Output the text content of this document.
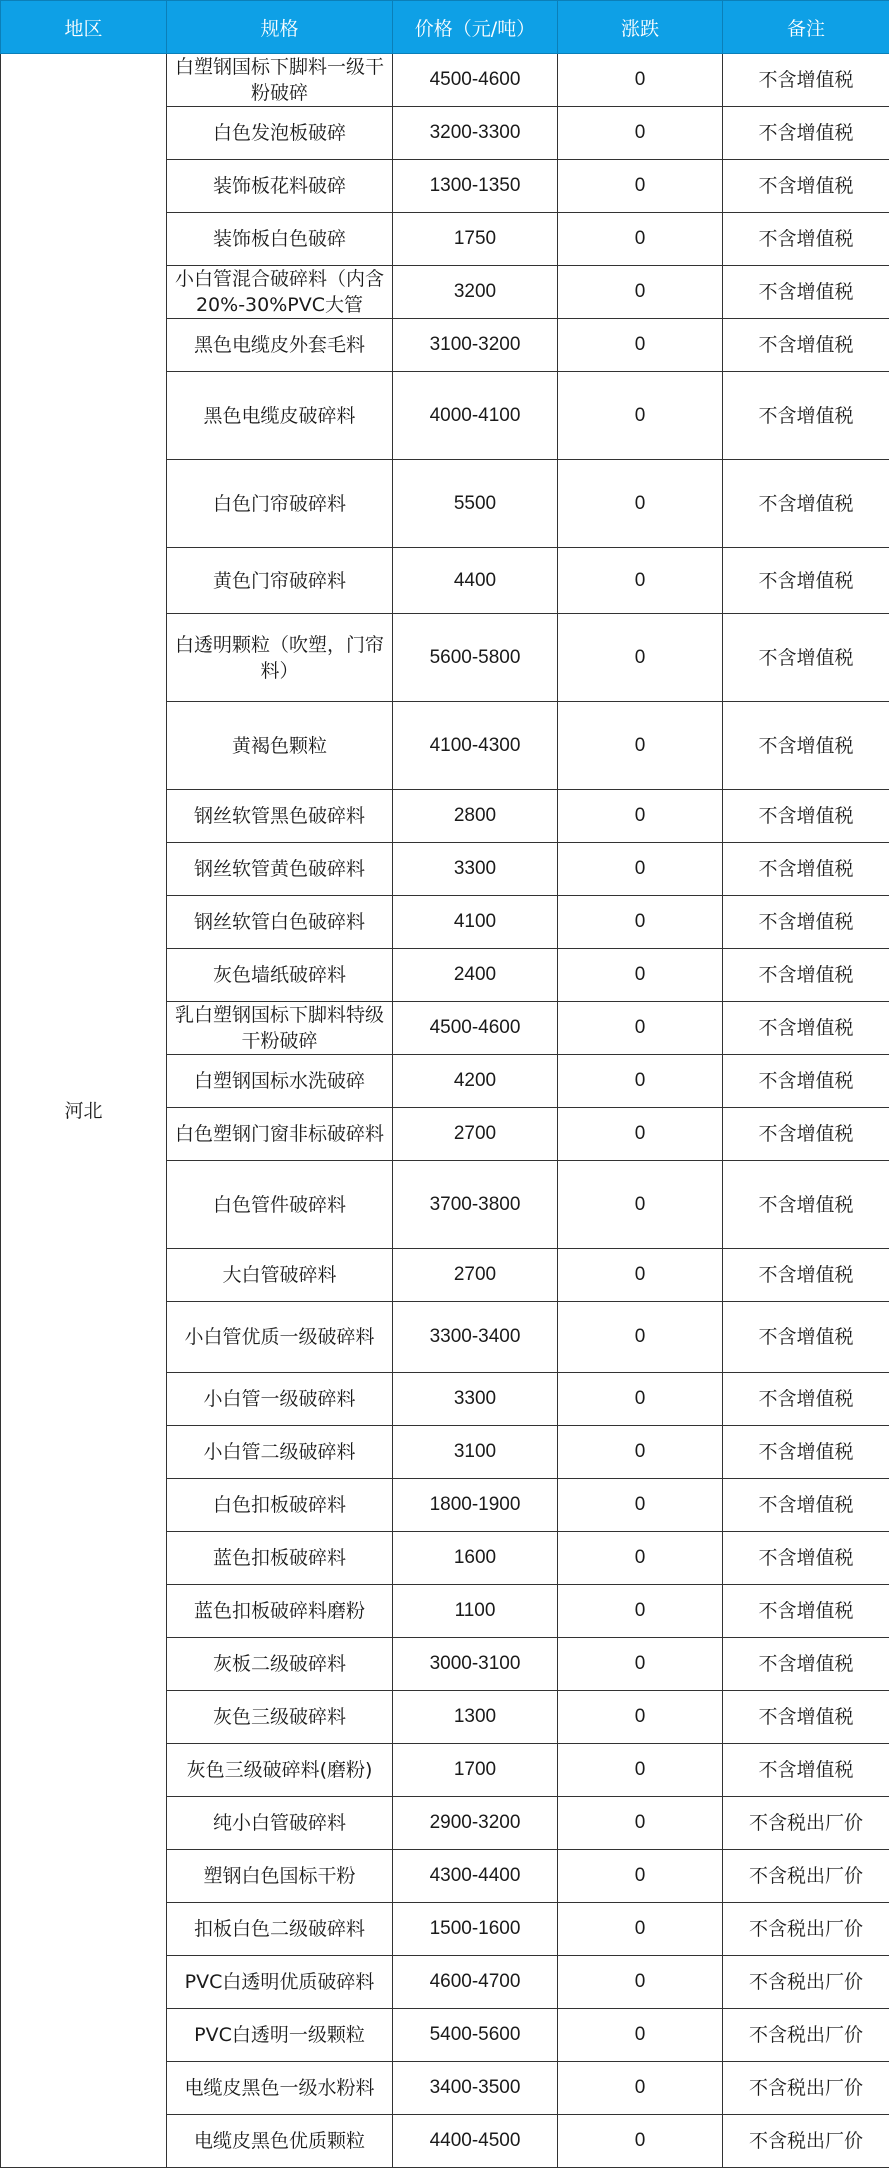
地区	规格	价格（元/吨）	涨跌	备注
河北	白塑钢国标下脚料一级干粉破碎	4500-4600	0	不含增值税
	白色发泡板破碎	3200-3300	0	不含增值税
	装饰板花料破碎	1300-1350	0	不含增值税
	装饰板白色破碎	1750	0	不含增值税
	小白管混合破碎料（内含20%-30%PVC大管	3200	0	不含增值税
	黑色电缆皮外套毛料	3100-3200	0	不含增值税
	黑色电缆皮破碎料	4000-4100	0	不含增值税
	白色门帘破碎料	5500	0	不含增值税
	黄色门帘破碎料	4400	0	不含增值税
	白透明颗粒（吹塑，门帘料）	5600-5800	0	不含增值税
	黄褐色颗粒	4100-4300	0	不含增值税
	钢丝软管黑色破碎料	2800	0	不含增值税
	钢丝软管黄色破碎料	3300	0	不含增值税
	钢丝软管白色破碎料	4100	0	不含增值税
	灰色墙纸破碎料	2400	0	不含增值税
	乳白塑钢国标下脚料特级干粉破碎	4500-4600	0	不含增值税
	白塑钢国标水洗破碎	4200	0	不含增值税
	白色塑钢门窗非标破碎料	2700	0	不含增值税
	白色管件破碎料	3700-3800	0	不含增值税
	大白管破碎料	2700	0	不含增值税
	小白管优质一级破碎料	3300-3400	0	不含增值税
	小白管一级破碎料	3300	0	不含增值税
	小白管二级破碎料	3100	0	不含增值税
	白色扣板破碎料	1800-1900	0	不含增值税
	蓝色扣板破碎料	1600	0	不含增值税
	蓝色扣板破碎料磨粉	1100	0	不含增值税
	灰板二级破碎料	3000-3100	0	不含增值税
	灰色三级破碎料	1300	0	不含增值税
	灰色三级破碎料(磨粉)	1700	0	不含增值税
	纯小白管破碎料	2900-3200	0	不含税出厂价
	塑钢白色国标干粉	4300-4400	0	不含税出厂价
	扣板白色二级破碎料	1500-1600	0	不含税出厂价
	PVC白透明优质破碎料	4600-4700	0	不含税出厂价
	PVC白透明一级颗粒	5400-5600	0	不含税出厂价
	电缆皮黑色一级水粉料	3400-3500	0	不含税出厂价
	电缆皮黑色优质颗粒	4400-4500	0	不含税出厂价
